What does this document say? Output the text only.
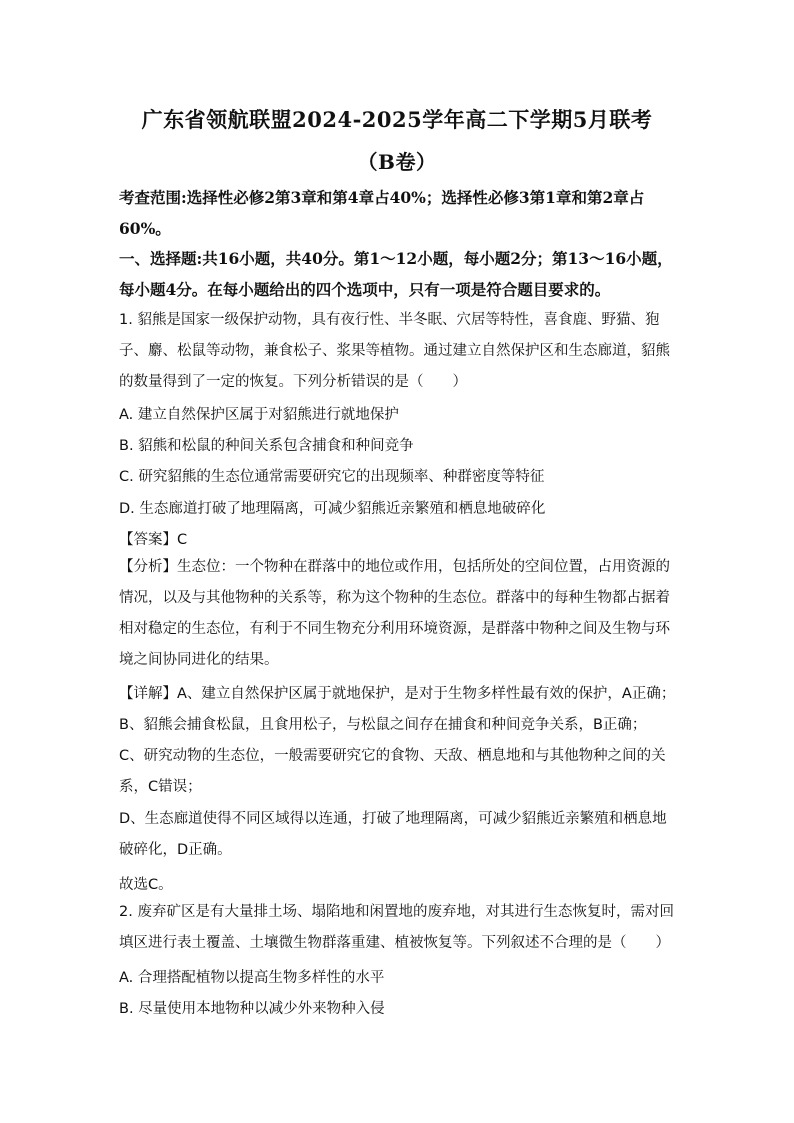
广东省领航联盟2024-2025学年高二下学期5月联考
（B卷）
考查范围:选择性必修2第3章和第4章占40%；选择性必修3第1章和第2章占60%。
一、选择题:共16小题，共40分。第1～12小题，每小题2分；第13～16小题，每小题4分。在每小题给出的四个选项中，只有一项是符合题目要求的。
1. 貂熊是国家一级保护动物，具有夜行性、半冬眠、穴居等特性，喜食鹿、野猫、狍子、麝、松鼠等动物，兼食松子、浆果等植物。通过建立自然保护区和生态廊道，貂熊的数量得到了一定的恢复。下列分析错误的是（　　）
A. 建立自然保护区属于对貂熊进行就地保护
B. 貂熊和松鼠的种间关系包含捕食和种间竞争
C. 研究貂熊的生态位通常需要研究它的出现频率、种群密度等特征
D. 生态廊道打破了地理隔离，可减少貂熊近亲繁殖和栖息地破碎化
【答案】C
【分析】生态位：一个物种在群落中的地位或作用，包括所处的空间位置，占用资源的情况，以及与其他物种的关系等，称为这个物种的生态位。群落中的每种生物都占据着相对稳定的生态位，有利于不同生物充分利用环境资源，是群落中物种之间及生物与环境之间协同进化的结果。
【详解】A、建立自然保护区属于就地保护，是对于生物多样性最有效的保护，A正确；
B、貂熊会捕食松鼠，且食用松子，与松鼠之间存在捕食和种间竞争关系，B正确；
C、研究动物的生态位，一般需要研究它的食物、天敌、栖息地和与其他物种之间的关系，C错误；
D、生态廊道使得不同区域得以连通，打破了地理隔离，可减少貂熊近亲繁殖和栖息地破碎化，D正确。
故选C。
2. 废弃矿区是有大量排土场、塌陷地和闲置地的废弃地，对其进行生态恢复时，需对回填区进行表土覆盖、土壤微生物群落重建、植被恢复等。下列叙述不合理的是（　　）
A. 合理搭配植物以提高生物多样性的水平
B. 尽量使用本地物种以减少外来物种入侵
